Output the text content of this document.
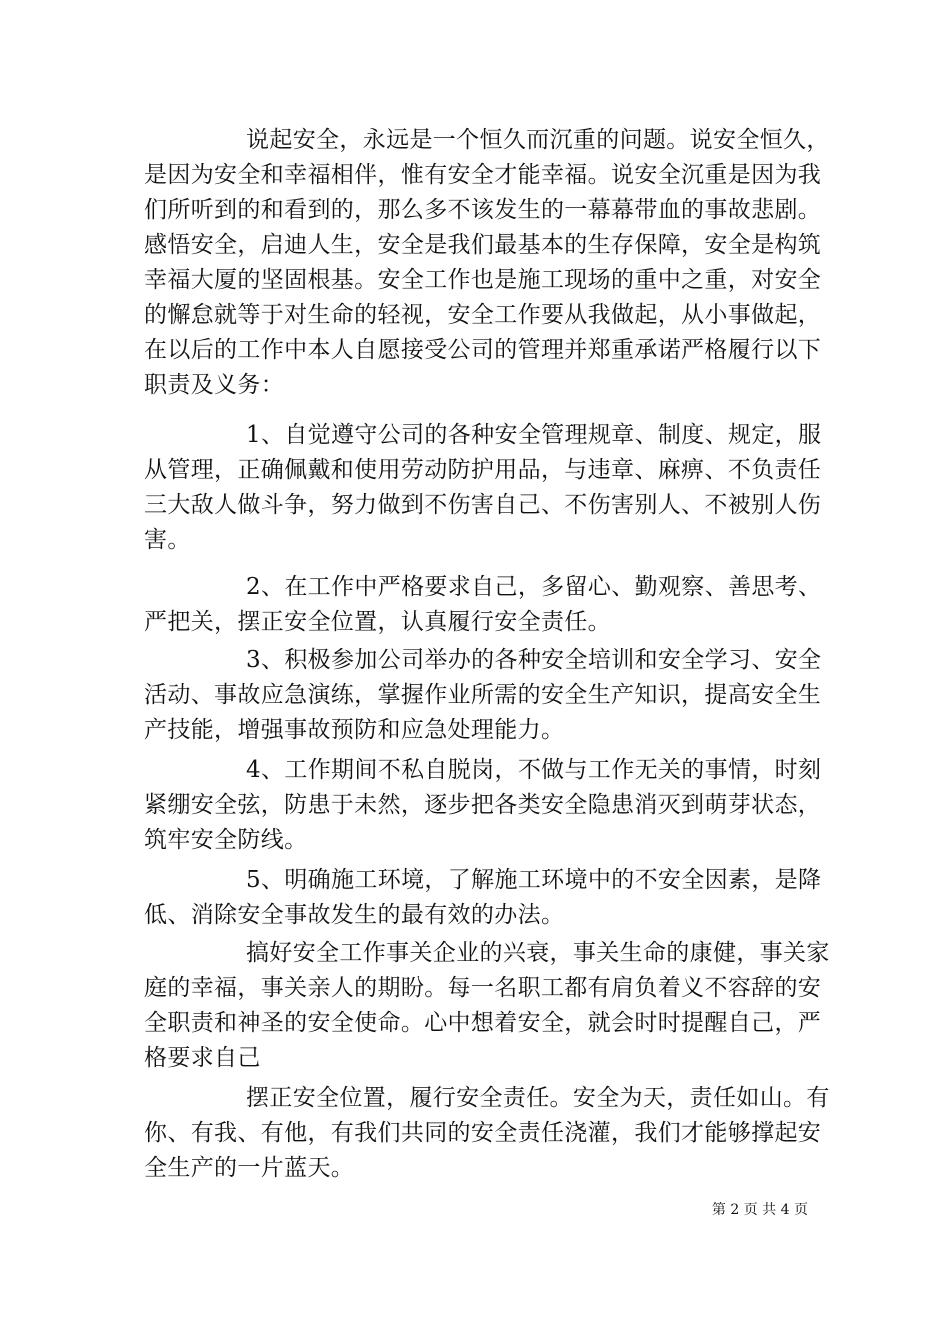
说起安全，永远是一个恒久而沉重的问题。说安全恒久，

是因为安全和幸福相伴，惟有安全才能幸福。说安全沉重是因为我

们所听到的和看到的，那么多不该发生的一幕幕带血的事故悲剧。

感悟安全，启迪人生，安全是我们最基本的生存保障，安全是构筑

幸福大厦的坚固根基。安全工作也是施工现场的重中之重，对安全

的懈怠就等于对生命的轻视，安全工作要从我做起，从小事做起，

在以后的工作中本人自愿接受公司的管理并郑重承诺严格履行以下

职责及义务：

1、自觉遵守公司的各种安全管理规章、制度、规定，服

从管理，正确佩戴和使用劳动防护用品，与违章、麻痹、不负责任

三大敌人做斗争，努力做到不伤害自己、不伤害别人、不被别人伤

害。

2、在工作中严格要求自己，多留心、勤观察、善思考、

严把关，摆正安全位置，认真履行安全责任。

3、积极参加公司举办的各种安全培训和安全学习、安全

活动、事故应急演练，掌握作业所需的安全生产知识，提高安全生

产技能，增强事故预防和应急处理能力。

4、工作期间不私自脱岗，不做与工作无关的事情，时刻

紧绷安全弦，防患于未然，逐步把各类安全隐患消灭到萌芽状态，

筑牢安全防线。

5、明确施工环境，了解施工环境中的不安全因素，是降

低、消除安全事故发生的最有效的办法。

搞好安全工作事关企业的兴衰，事关生命的康健，事关家

庭的幸福，事关亲人的期盼。每一名职工都有肩负着义不容辞的安

全职责和神圣的安全使命。心中想着安全，就会时时提醒自己，严

格要求自己

摆正安全位置，履行安全责任。安全为天，责任如山。有

你、有我、有他，有我们共同的安全责任浇灌，我们才能够撑起安

全生产的一片蓝天。

第 2 页 共 4 页
